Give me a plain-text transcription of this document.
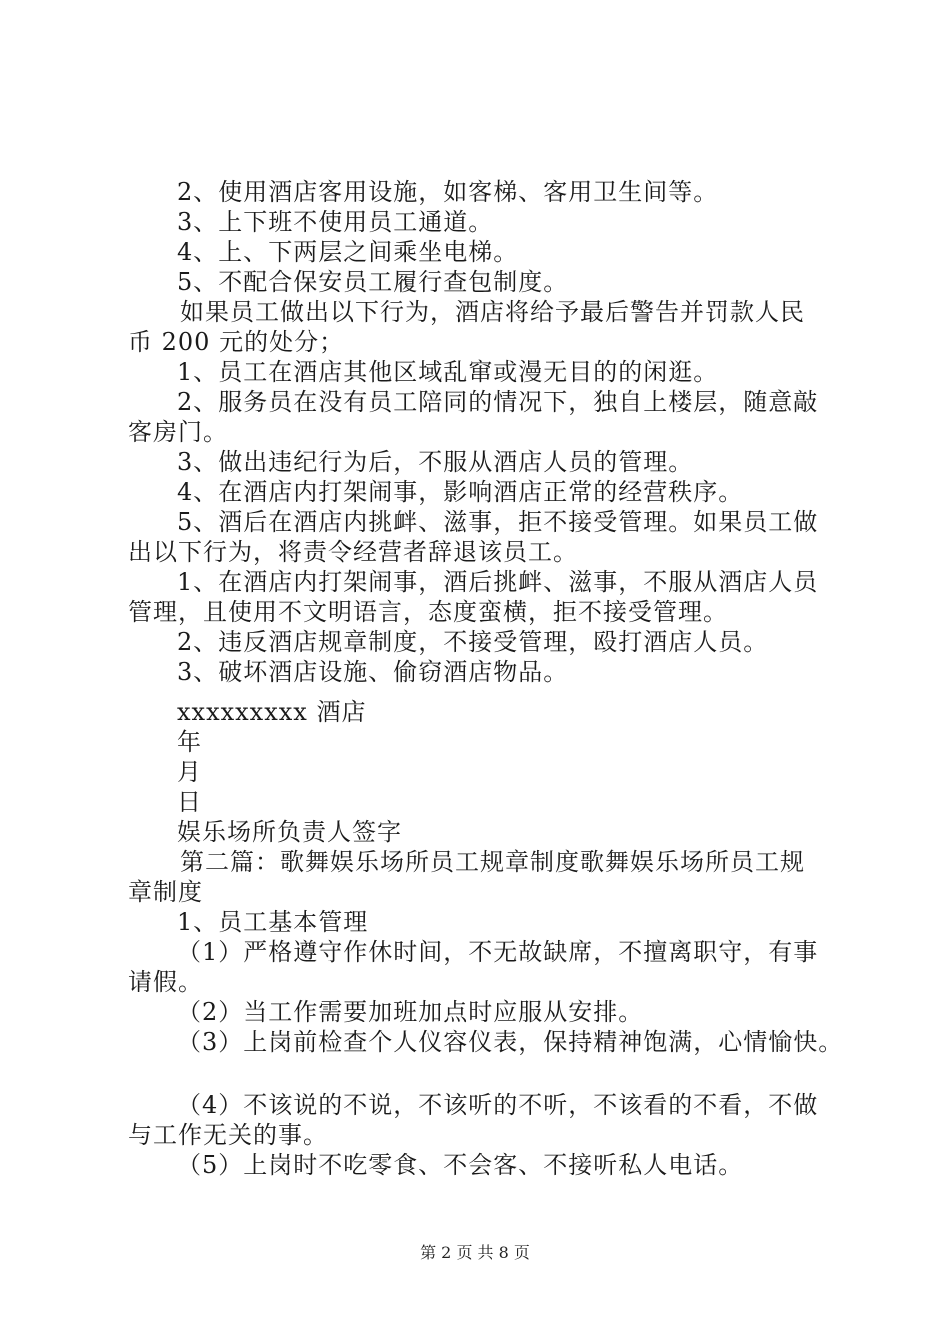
2、使用酒店客用设施，如客梯、客用卫生间等。
3、上下班不使用员工通道。
4、上、下两层之间乘坐电梯。
5、不配合保安员工履行查包制度。
如果员工做出以下行为，酒店将给予最后警告并罚款人民
币 200 元的处分；
1、员工在酒店其他区域乱窜或漫无目的的闲逛。
2、服务员在没有员工陪同的情况下，独自上楼层，随意敲
客房门。
3、做出违纪行为后，不服从酒店人员的管理。
4、在酒店内打架闹事，影响酒店正常的经营秩序。
5、酒后在酒店内挑衅、滋事，拒不接受管理。如果员工做
出以下行为，将责令经营者辞退该员工。
1、在酒店内打架闹事，酒后挑衅、滋事，不服从酒店人员
管理，且使用不文明语言，态度蛮横，拒不接受管理。
2、违反酒店规章制度，不接受管理，殴打酒店人员。
3、破坏酒店设施、偷窃酒店物品。
xxxxxxxxx 酒店
年
月
日
娱乐场所负责人签字
第二篇：歌舞娱乐场所员工规章制度歌舞娱乐场所员工规
章制度
1、员工基本管理
（1）严格遵守作休时间，不无故缺席，不擅离职守，有事
请假。
（2）当工作需要加班加点时应服从安排。
（3）上岗前检查个人仪容仪表，保持精神饱满，心情愉快。
（4）不该说的不说，不该听的不听，不该看的不看，不做
与工作无关的事。
（5）上岗时不吃零食、不会客、不接听私人电话。
第 2 页 共 8 页
